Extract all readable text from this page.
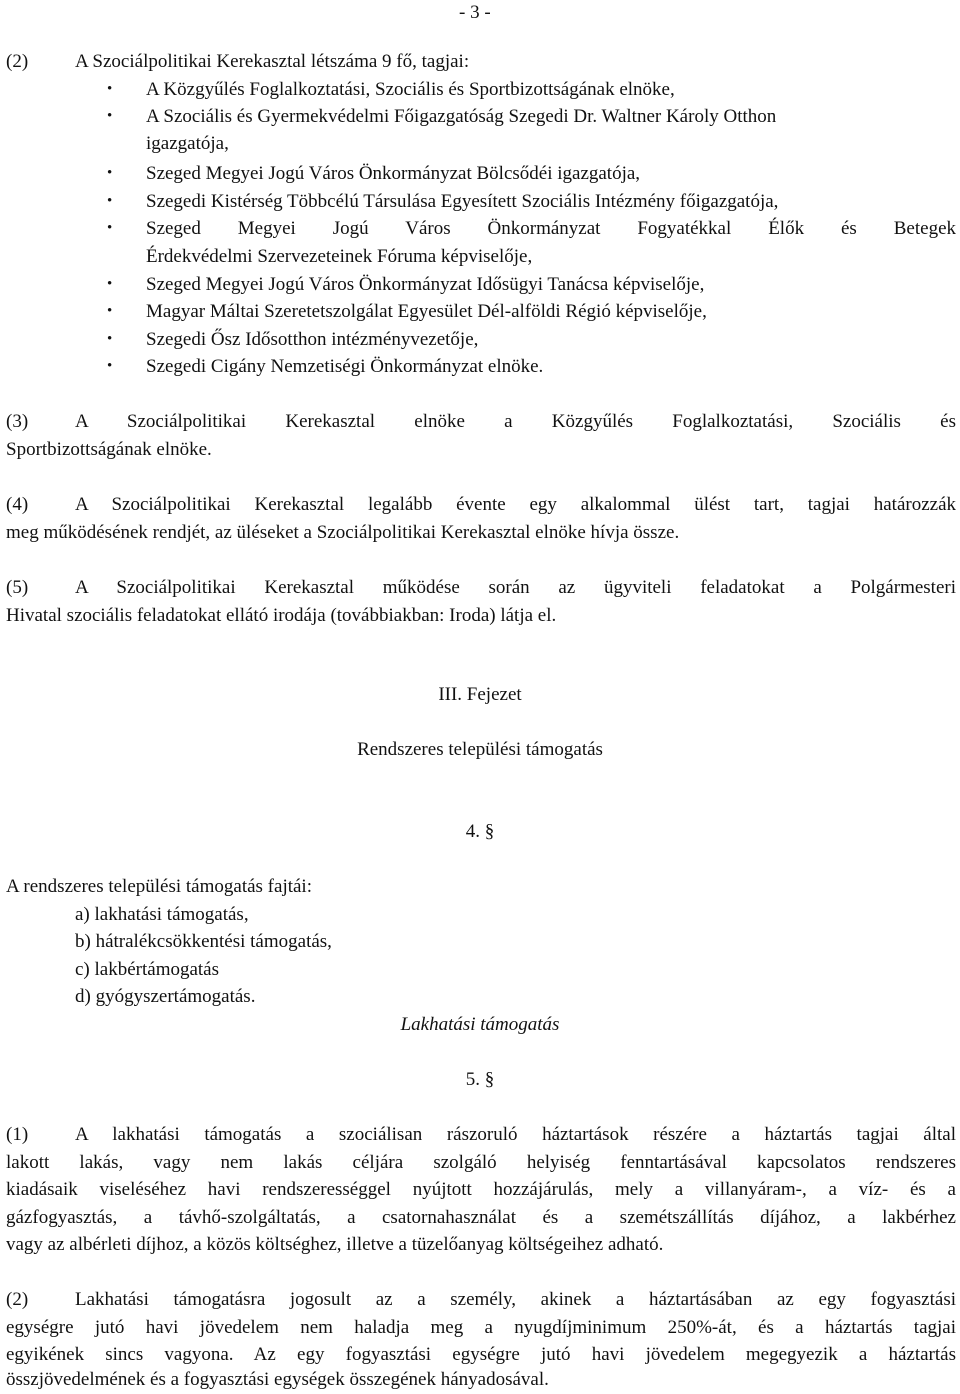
- 3 -
(2) A Szociálpolitikai Kerekasztal létszáma 9 fő, tagjai:
• A Közgyűlés Foglalkoztatási, Szociális és Sportbizottságának elnöke,
• A Szociális és Gyermekvédelmi Főigazgatóság Szegedi Dr. Waltner Károly Otthon
igazgatója,
• Szeged Megyei Jogú Város Önkormányzat Bölcsődéi igazgatója,
• Szegedi Kistérség Többcélú Társulása Egyesített Szociális Intézmény főigazgatója,
• Szeged Megyei Jogú Város Önkormányzat Fogyatékkal Élők és Betegek
Érdekvédelmi Szervezeteinek Fóruma képviselője,
• Szeged Megyei Jogú Város Önkormányzat Idősügyi Tanácsa képviselője,
• Magyar Máltai Szeretetszolgálat Egyesület Dél-alföldi Régió képviselője,
• Szegedi Ősz Idősotthon intézményvezetője,
• Szegedi Cigány Nemzetiségi Önkormányzat elnöke.
(3) A Szociálpolitikai Kerekasztal elnöke a Közgyűlés Foglalkoztatási, Szociális és
Sportbizottságának elnöke.
(4) A Szociálpolitikai Kerekasztal legalább évente egy alkalommal ülést tart, tagjai határozzák
meg működésének rendjét, az üléseket a Szociálpolitikai Kerekasztal elnöke hívja össze.
(5) A Szociálpolitikai Kerekasztal működése során az ügyviteli feladatokat a Polgármesteri
Hivatal szociális feladatokat ellátó irodája (továbbiakban: Iroda) látja el.
III. Fejezet
Rendszeres települési támogatás
4. §
A rendszeres települési támogatás fajtái:
a) lakhatási támogatás,
b) hátralékcsökkentési támogatás,
c) lakbértámogatás
d) gyógyszertámogatás.
Lakhatási támogatás
5. §
(1) A lakhatási támogatás a szociálisan rászoruló háztartások részére a háztartás tagjai által
lakott lakás, vagy nem lakás céljára szolgáló helyiség fenntartásával kapcsolatos rendszeres
kiadásaik viseléséhez havi rendszerességgel nyújtott hozzájárulás, mely a villanyáram-, a víz- és a
gázfogyasztás, a távhő-szolgáltatás, a csatornahasználat és a szemétszállítás díjához, a lakbérhez
vagy az albérleti díjhoz, a közös költséghez, illetve a tüzelőanyag költségeihez adható.
(2) Lakhatási támogatásra jogosult az a személy, akinek a háztartásában az egy fogyasztási
egységre jutó havi jövedelem nem haladja meg a nyugdíjminimum 250%-át, és a háztartás tagjai
egyikének sincs vagyona. Az egy fogyasztási egységre jutó havi jövedelem megegyezik a háztartás
összjövedelmének és a fogyasztási egységek összegének hányadosával.
